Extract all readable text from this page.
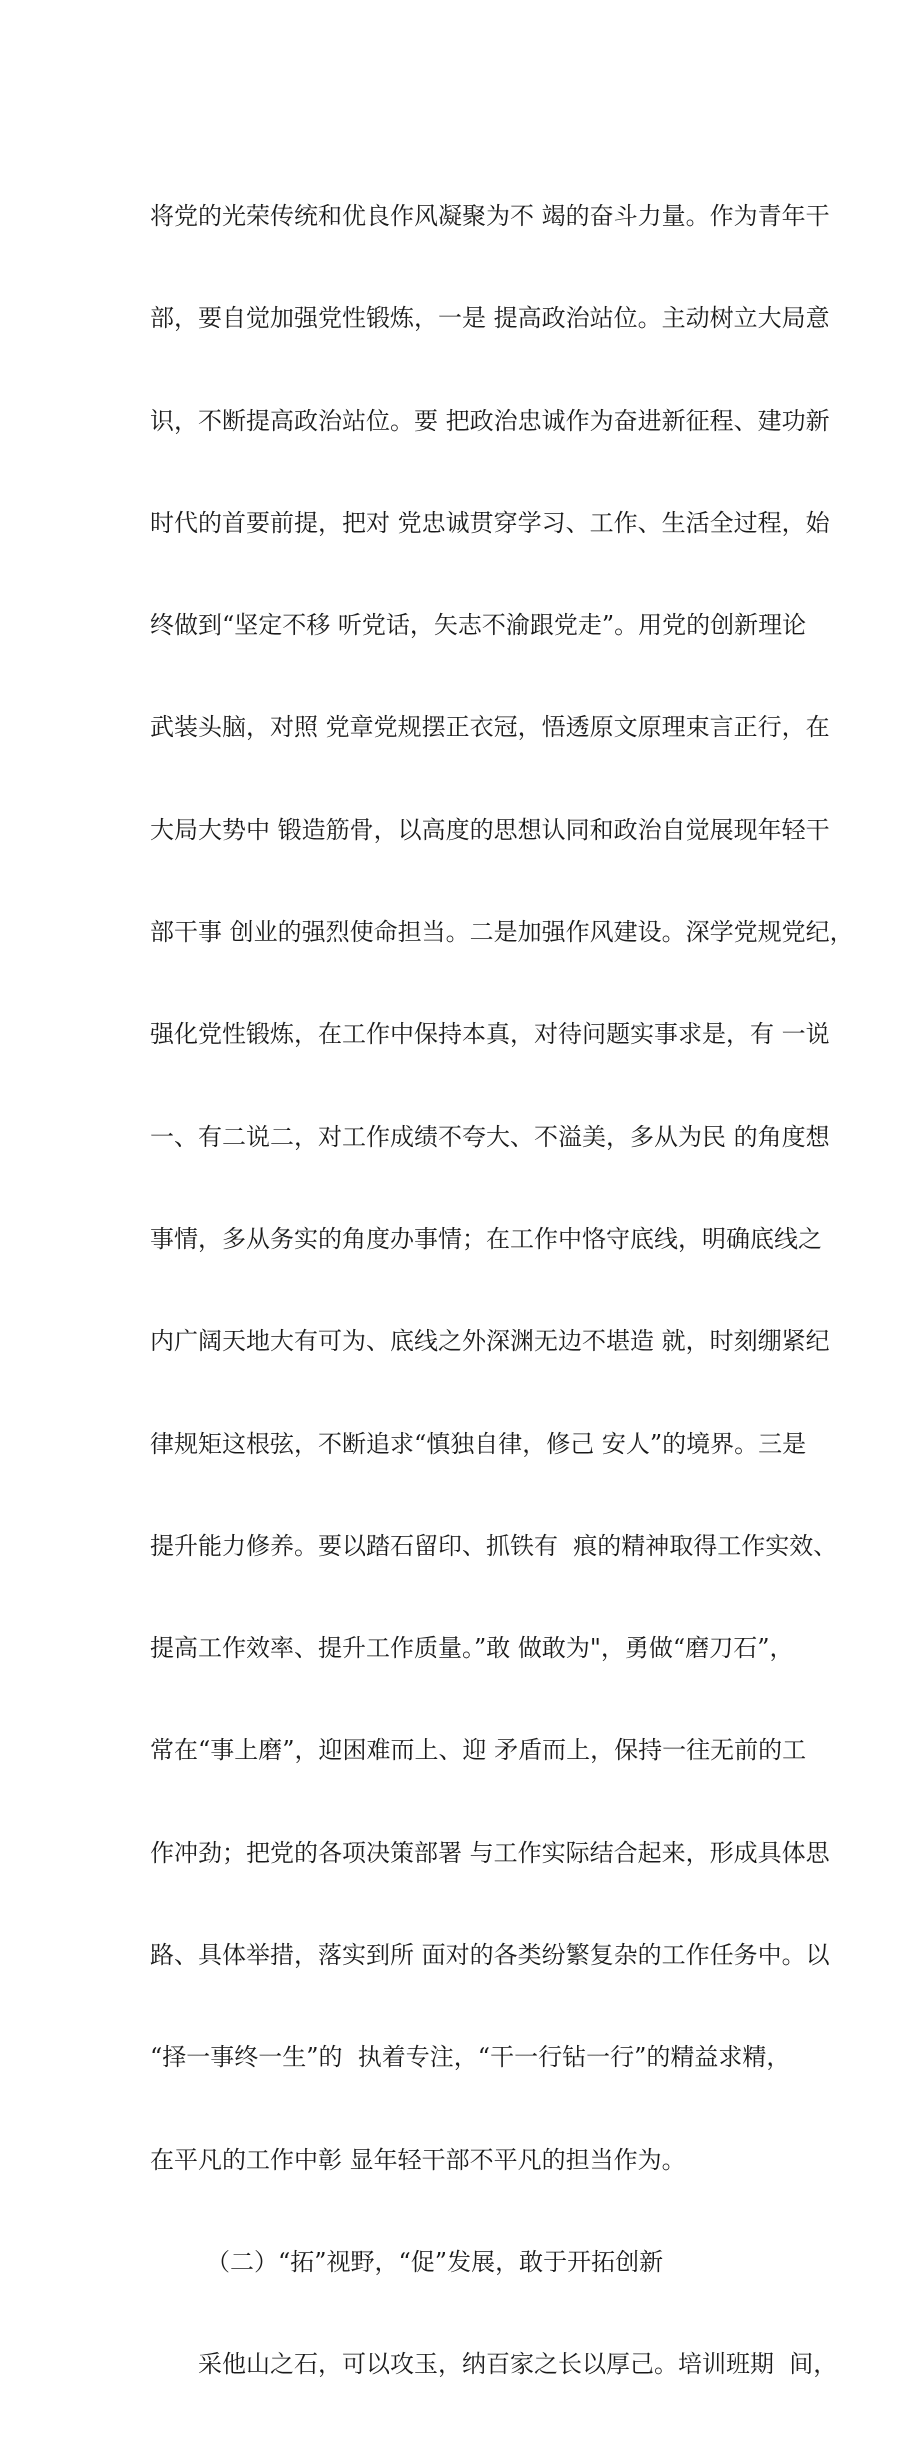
将党的光荣传统和优良作风凝聚为不 竭的奋斗力量。作为青年干

部，要自觉加强党性锻炼，一是 提高政治站位。主动树立大局意

识，不断提高政治站位。要 把政治忠诚作为奋进新征程、建功新

时代的首要前提，把对 党忠诚贯穿学习、工作、生活全过程，始

终做到“坚定不移 听党话，矢志不渝跟党走”。用党的创新理论

武装头脑，对照 党章党规摆正衣冠，悟透原文原理束言正行，在

大局大势中 锻造筋骨，以高度的思想认同和政治自觉展现年轻干

部干事 创业的强烈使命担当。二是加强作风建设。深学党规党纪，

强化党性锻炼，在工作中保持本真，对待问题实事求是，有 一说

一、有二说二，对工作成绩不夸大、不溢美，多从为民 的角度想

事情，多从务实的角度办事情；在工作中恪守底线，明确底线之

内广阔天地大有可为、底线之外深渊无边不堪造 就，时刻绷紧纪

律规矩这根弦，不断追求“慎独自律，修己 安人”的境界。三是

提升能力修养。要以踏石留印、抓铁有  痕的精神取得工作实效、

提高工作效率、提升工作质量。”敢 做敢为"，勇做“磨刀石”，

常在“事上磨”，迎困难而上、迎 矛盾而上，保持一往无前的工

作冲劲；把党的各项决策部署 与工作实际结合起来，形成具体思

路、具体举措，落实到所 面对的各类纷繁复杂的工作任务中。以

“择一事终一生”的  执着专注，“干一行钻一行”的精益求精，

在平凡的工作中彰 显年轻干部不平凡的担当作为。

（二）“拓”视野，“促”发展，敢于开拓创新

采他山之石，可以攻玉，纳百家之长以厚己。培训班期  间，
